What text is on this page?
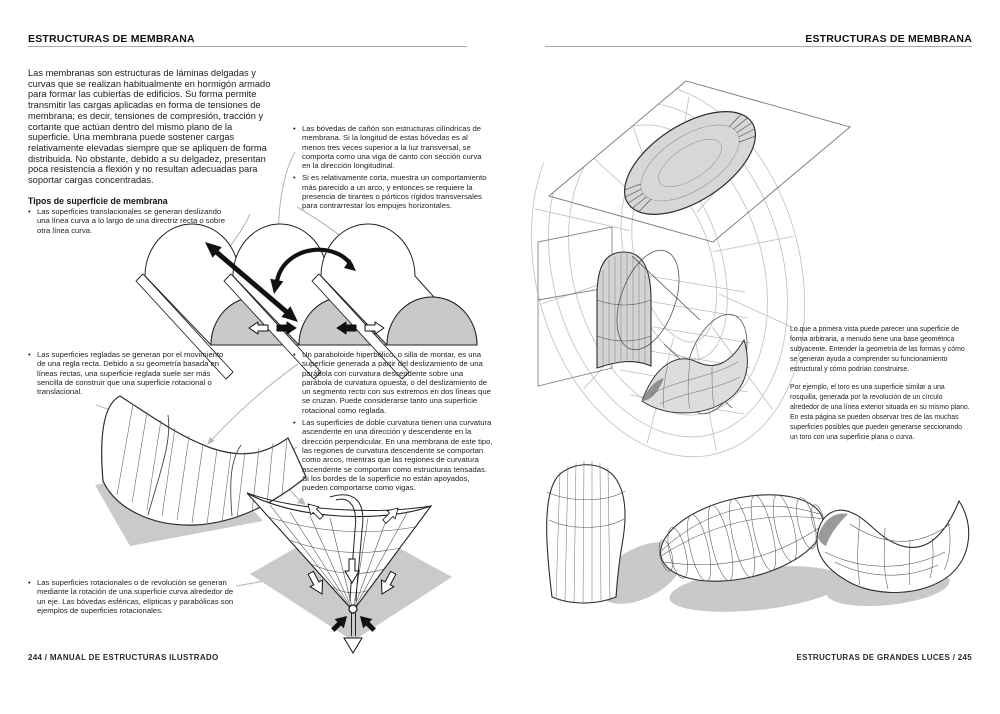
ESTRUCTURAS DE MEMBRANA	ESTRUCTURAS DE MEMBRANA
Las membranas son estructuras de láminas delgadas y curvas que se realizan habitualmente en hormigón armado para formar las cubiertas de edificios. Su forma permite transmitir las cargas aplicadas en forma de tensiones de membrana; es decir, tensiones de compresión, tracción y cortante que actúan dentro del mismo plano de la superficie. Una membrana puede sostener cargas relativamente elevadas siempre que se apliquen de forma distribuida. No obstante, debido a su delgadez, presentan poca resistencia a flexión y no resultan adecuadas para soportar cargas concentradas.
Tipos de superficie de membrana
• Las superficies translacionales se generan deslizando una línea curva a lo largo de una directriz recta o sobre otra línea curva.
• Las bóvedas de cañón son estructuras cilíndricas de membrana. Si la longitud de estas bóvedas es al menos tres veces superior a la luz transversal, se comporta como una viga de canto con sección curva en la dirección longitudinal.
• Si es relativamente corta, muestra un comportamiento más parecido a un arco, y entonces se requiere la presencia de tirantes o pórticos rígidos transversales para contrarrestar los empujes horizontales.
• Las superficies regladas se generan por el movimiento de una regla recta. Debido a su geometría basada en líneas rectas, una superficie reglada suele ser más sencilla de construir que una superficie rotacional o translacional.
• Un paraboloide hiperbólico, o silla de montar, es una superficie generada a partir del deslizamiento de una parábola con curvatura descendente sobre una parábola de curvatura opuesta, o del deslizamiento de un segmento recto con sus extremos en dos líneas que se cruzan. Puede considerarse tanto una superficie rotacional como reglada.
• Las superficies de doble curvatura tienen una curvatura ascendente en una dirección y descendente en la dirección perpendicular. En una membrana de este tipo, las regiones de curvatura descendente se comportan como arcos, mientras que las regiones de curvatura ascendente se comportan como estructuras tensadas. Si los bordes de la superficie no están apoyados, pueden comportarse como vigas.
• Las superficies rotacionales o de revolución se generan mediante la rotación de una superficie curva alrededor de un eje. Las bóvedas esféricas, elípticas y parabólicas son ejemplos de superficies rotacionales.
Lo que a primera vista puede parecer una superficie de forma arbitraria, a menudo tiene una base geométrica subyacente. Entender la geometría de las formas y cómo se generan ayuda a comprender su funcionamiento estructural y cómo podrían construirse.
Por ejemplo, el toro es una superficie similar a una rosquilla, generada por la revolución de un círculo alrededor de una línea exterior situada en su mismo plano. En esta página se pueden observar tres de las muchas superficies posibles que pueden generarse seccionando un toro con una superficie plana o curva.
244 / MANUAL DE ESTRUCTURAS ILUSTRADO	ESTRUCTURAS DE GRANDES LUCES / 245
